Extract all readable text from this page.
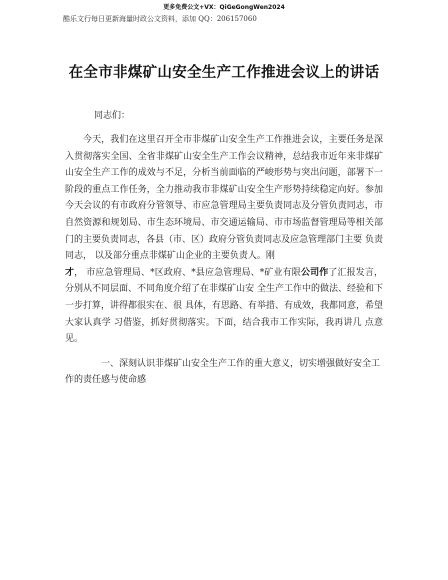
更多免费公文+VX：QiGeGongWen2024
酷乐文行每日更新海量时政公文资料，添加 QQ：206157060
在全市非煤矿山安全生产工作推进会议上的讲话
同志们：

今天，我们在这里召开全市非煤矿山安全生产工作推进会议，主要任务是深入贯彻落实全国、全省非煤矿山安全生产工作会议精神，总结我市近年来非煤矿山安全生产工作的成效与不足，分析当前面临的严峻形势与突出问题，部署下一阶段的重点工作任务，全力推动我市非煤矿山安全生产形势持续稳定向好。参加今天会议的有市政府分管领导、市应急管理局主要负责同志及分管负责同志，市自然资源和规划局、市生态环境局、市交通运输局、市市场监督管理局等相关部门的主要负责同志，各县（市、区）政府分管负责同志及应急管理部门主要 负责同志， 以及部分重点非煤矿山企业的主要负责人。刚

才， 市应急管理局、*区政府、*县应急管理局、*矿业有限公司作了汇报发言，分别从不同层面、不同角度介绍了在非煤矿山安 全生产工作中的做法、经验和下一步打算，讲得都很实在、很 具体，有思路、有举措、有成效，我都同意，希望大家认真学 习借鉴，抓好贯彻落实。下面，结合我市工作实际，我再讲几 点意见。

一、深刻认识非煤矿山安全生产工作的重大意义，切实增强做好安全工作的责任感与使命感
